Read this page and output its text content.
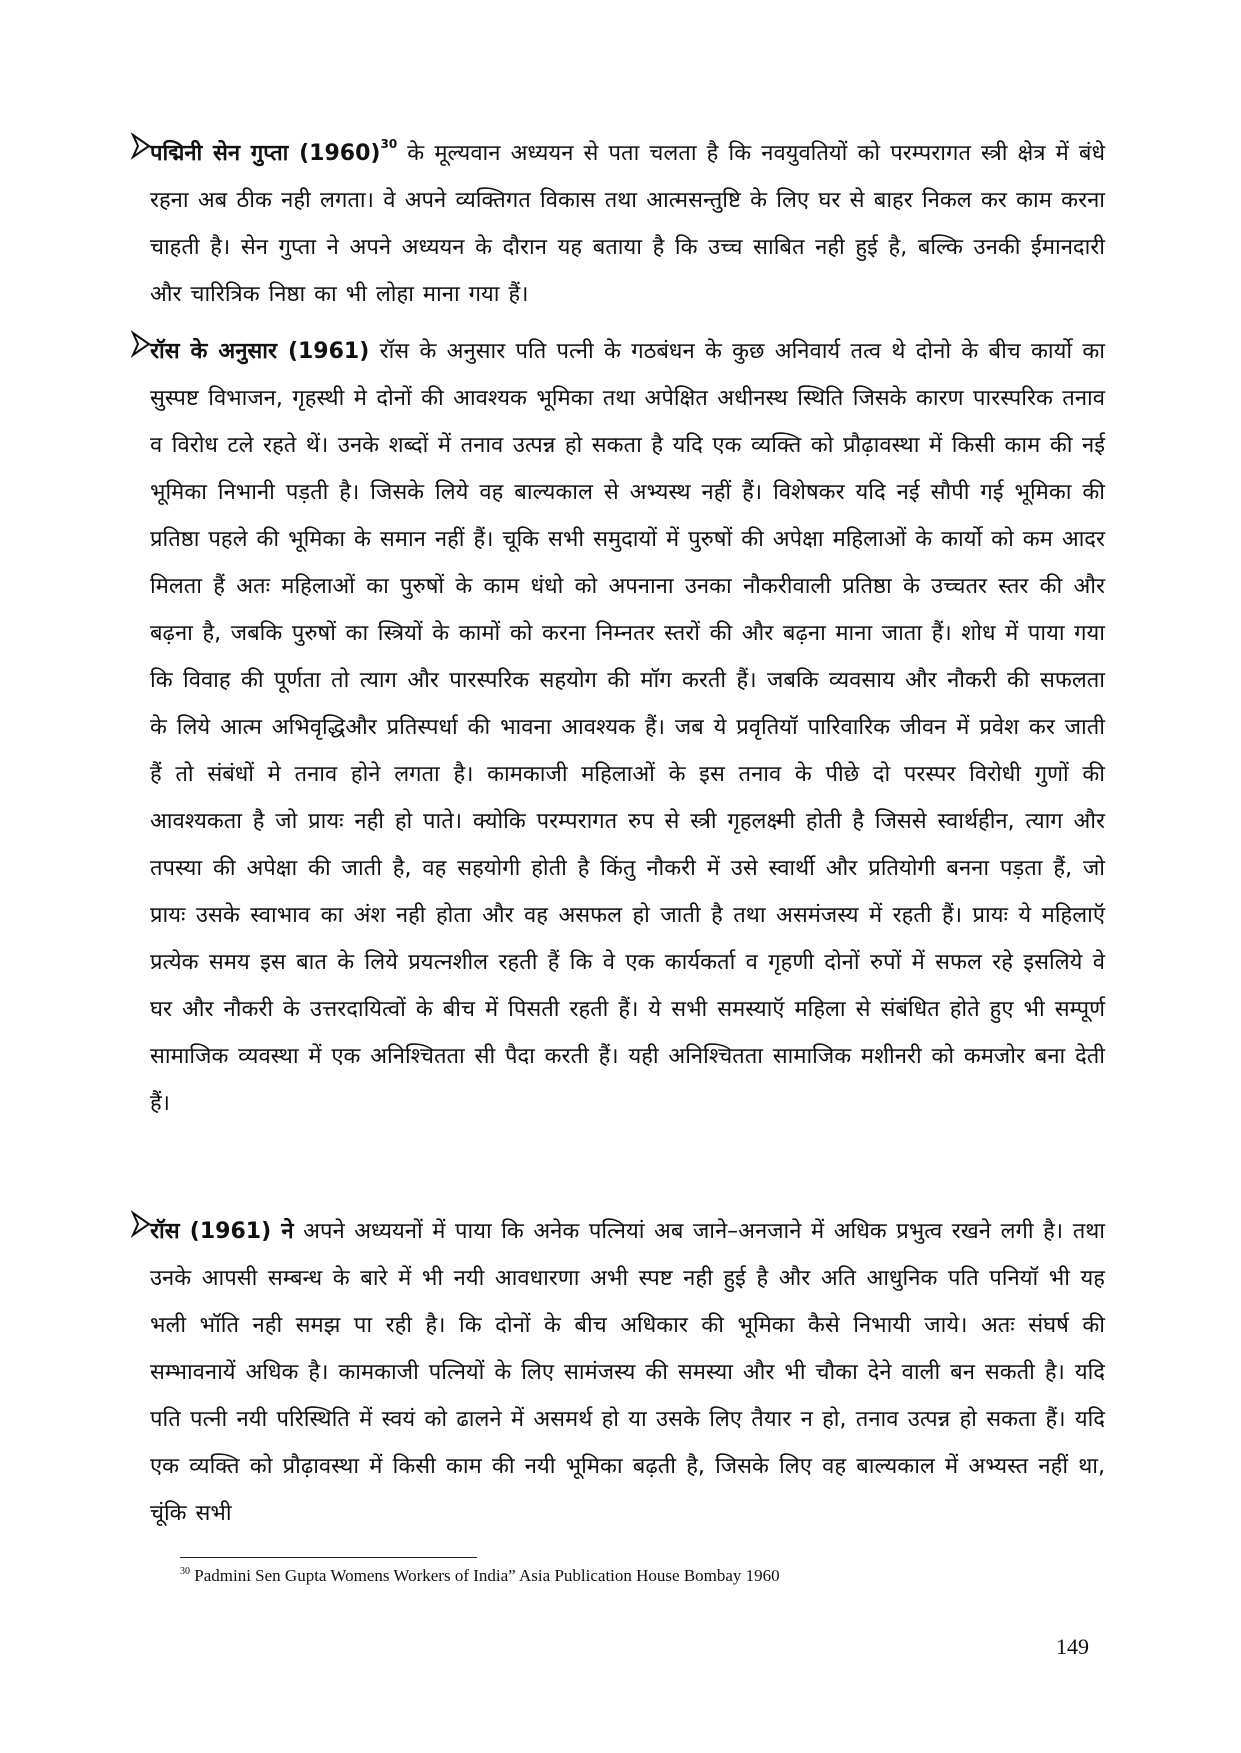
पद्मिनी सेन गुप्ता $(1960)^{30}$ के मूल्यवान अध्ययन से पता चलता है कि नवयुवतियों को परम्परागत स्त्री क्षेत्र में बंधे रहना अब ठीक नही लगता। वे अपने व्यक्तिगत विकास तथा आत्मसन्तुष्टि के लिए घर से बाहर निकल कर काम करना चाहती है। सेन गुप्ता ने अपने अध्ययन के दौरान यह बताया है कि उच्च साबित नही हुई है, बल्कि उनकी ईमानदारी और चारित्रिक निष्ठा का भी लोहा माना गया हैं।

रॉस के अनुसार (1961) रॉस के अनुसार पति पत्नी के गठबंधन के कुछ अनिवार्य तत्व थे दोनो के बीच कार्यो का सुस्पष्ट विभाजन, गृहस्थी मे दोनों की आवश्यक भूमिका तथा अपेक्षित अधीनस्थ स्थिति जिसके कारण पारस्परिक तनाव व विरोध टले रहते थें। उनके शब्दों में तनाव उत्पन्न हो सकता है यदि एक व्यक्ति को प्रौढ़ावस्था में किसी काम की नई भूमिका निभानी पड़ती है। जिसके लिये वह बाल्यकाल से अभ्यस्थ नहीं हैं। विशेषकर यदि नई सौपी गई भूमिका की प्रतिष्ठा पहले की भूमिका के समान नहीं हैं। चूकि सभी समुदायों में पुरुषों की अपेक्षा महिलाओं के कार्यो को कम आदर मिलता हैं अतः महिलाओं का पुरुषों के काम धंधो को अपनाना उनका नौकरीवाली प्रतिष्ठा के उच्चतर स्तर की और बढ़ना है, जबकि पुरुषों का स्त्रियों के कामों को करना निम्नतर स्तरों की और बढ़ना माना जाता हैं। शोध में पाया गया कि विवाह की पूर्णता तो त्याग और पारस्परिक सहयोग की मॉग करती हैं। जबकि व्यवसाय और नौकरी की सफलता के लिये आत्म अभिवृद्धिऔर प्रतिस्पर्धा की भावना आवश्यक हैं। जब ये प्रवृतियॉ पारिवारिक जीवन में प्रवेश कर जाती हैं तो संबंधों मे तनाव होने लगता है। कामकाजी महिलाओं के इस तनाव के पीछे दो परस्पर विरोधी गुणों की आवश्यकता है जो प्रायः नही हो पाते। क्योकि परम्परागत रुप से स्त्री गृहलक्ष्मी होती है जिससे स्वार्थहीन, त्याग और तपस्या की अपेक्षा की जाती है, वह सहयोगी होती है किंतु नौकरी में उसे स्वार्थी और प्रतियोगी बनना पड़ता हैं, जो प्रायः उसके स्वाभाव का अंश नही होता और वह असफल हो जाती है तथा असमंजस्य में रहती हैं। प्रायः ये महिलाऍ प्रत्येक समय इस बात के लिये प्रयत्नशील रहती हैं कि वे एक कार्यकर्ता व गृहणी दोनों रुपों में सफल रहे इसलिये वे घर और नौकरी के उत्तरदायित्वों के बीच में पिसती रहती हैं। ये सभी समस्याऍ महिला से संबंधित होते हुए भी सम्पूर्ण सामाजिक व्यवस्था में एक अनिश्चितता सी पैदा करती हैं। यही अनिश्चितता सामाजिक मशीनरी को कमजोर बना देती हैं।

रॉस (1961) ने अपने अध्ययनों में पाया कि अनेक पत्नियां अब जाने–अनजाने में अधिक प्रभुत्व रखने लगी है। तथा उनके आपसी सम्बन्ध के बारे में भी नयी आवधारणा अभी स्पष्ट नही हुई है और अति आधुनिक पति पनियॉ भी यह भली भॉति नही समझ पा रही है। कि दोनों के बीच अधिकार की भूमिका कैसे निभायी जाये। अतः संघर्ष की सम्भावनायें अधिक है। कामकाजी पत्नियों के लिए सामंजस्य की समस्या और भी चौका देने वाली बन सकती है। यदि पति पत्नी नयी परिस्थिति में स्वयं को ढालने में असमर्थ हो या उसके लिए तैयार न हो, तनाव उत्पन्न हो सकता हैं। यदि एक व्यक्ति को प्रौढ़ावस्था में किसी काम की नयी भूमिका बढ़ती है, जिसके लिए वह बाल्यकाल में अभ्यस्त नहीं था, चूंकि सभी

$^{30}$ Padmini Sen Gupta Womens Workers of India” Asia Publication House Bombay 1960
149
